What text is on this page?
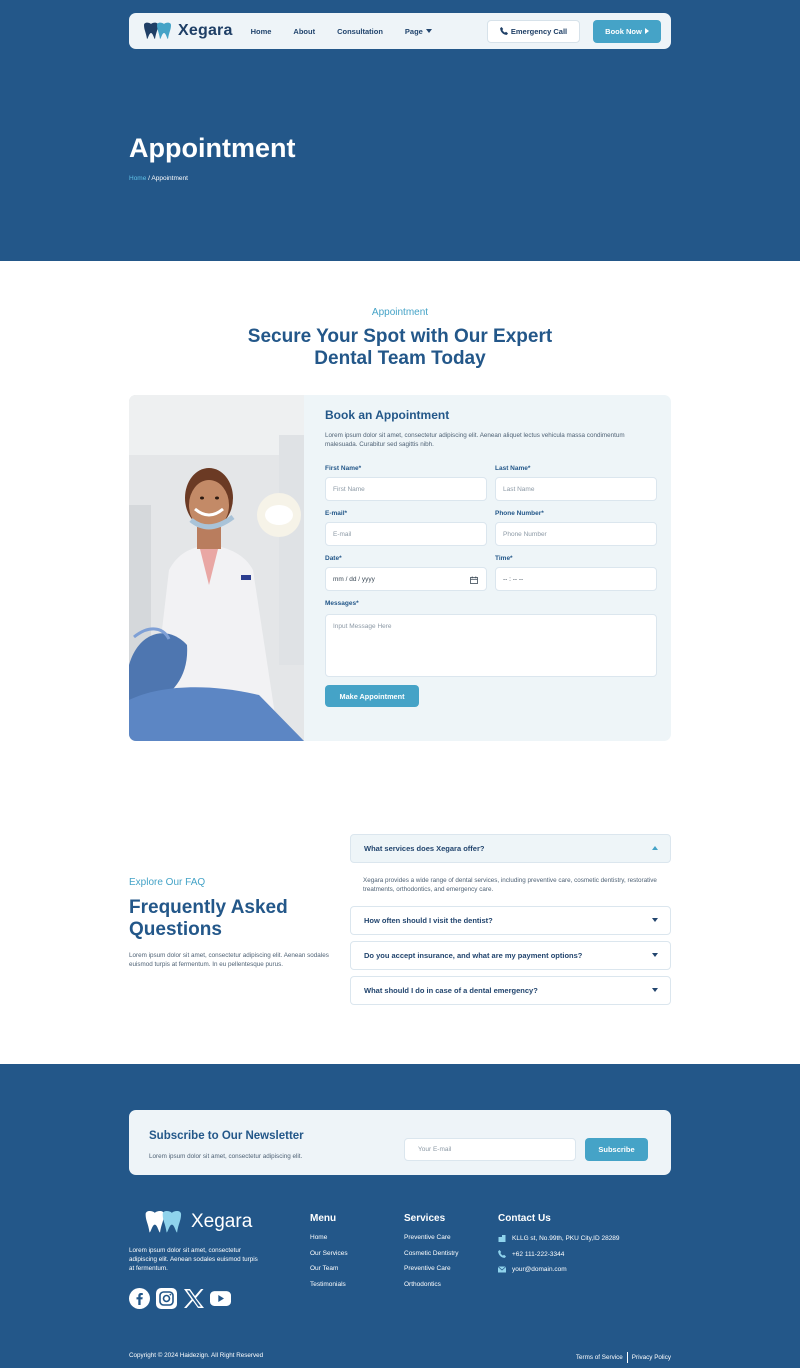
Xegara Home	About	Consultation	Page	Emergency Call	Book Now
Appointment
Home / Appointment
Appointment
Secure Your Spot with Our Expert
Dental Team Today
Book an Appointment
Lorem ipsum dolor sit amet, consectetur adipiscing elit. Aenean aliquet lectus vehicula massa condimentum malesuada. Curabitur sed sagittis nibh.
First Name*
First Name
Last Name*
Last Name
E-mail*
E-mail
Phone Number*
Phone Number
Date*
mm / dd / yyyy
Time*
-- : -- --
Messages*
Input Message Here
Make Appointment
Explore Our FAQ
Frequently Asked Questions
Lorem ipsum dolor sit amet, consectetur adipiscing elit. Aenean sodales euismod turpis at fermentum. In eu pellentesque purus.
What services does Xegara offer?
Xegara provides a wide range of dental services, including preventive care, cosmetic dentistry, restorative treatments, orthodontics, and emergency care.
How often should I visit the dentist?
Do you accept insurance, and what are my payment options?
What should I do in case of a dental emergency?
Subscribe to Our Newsletter
Lorem ipsum dolor sit amet, consectetur adipiscing elit.
Your E-mail	Subscribe
Xegara
Lorem ipsum dolor sit amet, consectetur adipiscing elit. Aenean sodales euismod turpis at fermentum.
Menu
Home
Our Services
Our Team
Testimonials
Services
Preventive Care
Cosmetic Dentistry
Preventive Care
Orthodontics
Contact Us
KLLG st, No.99th, PKU City,ID 28289
+62 111-222-3344
your@domain.com
Copyright © 2024 Haidezign. All Right Reserved	Terms of Service Privacy Policy
